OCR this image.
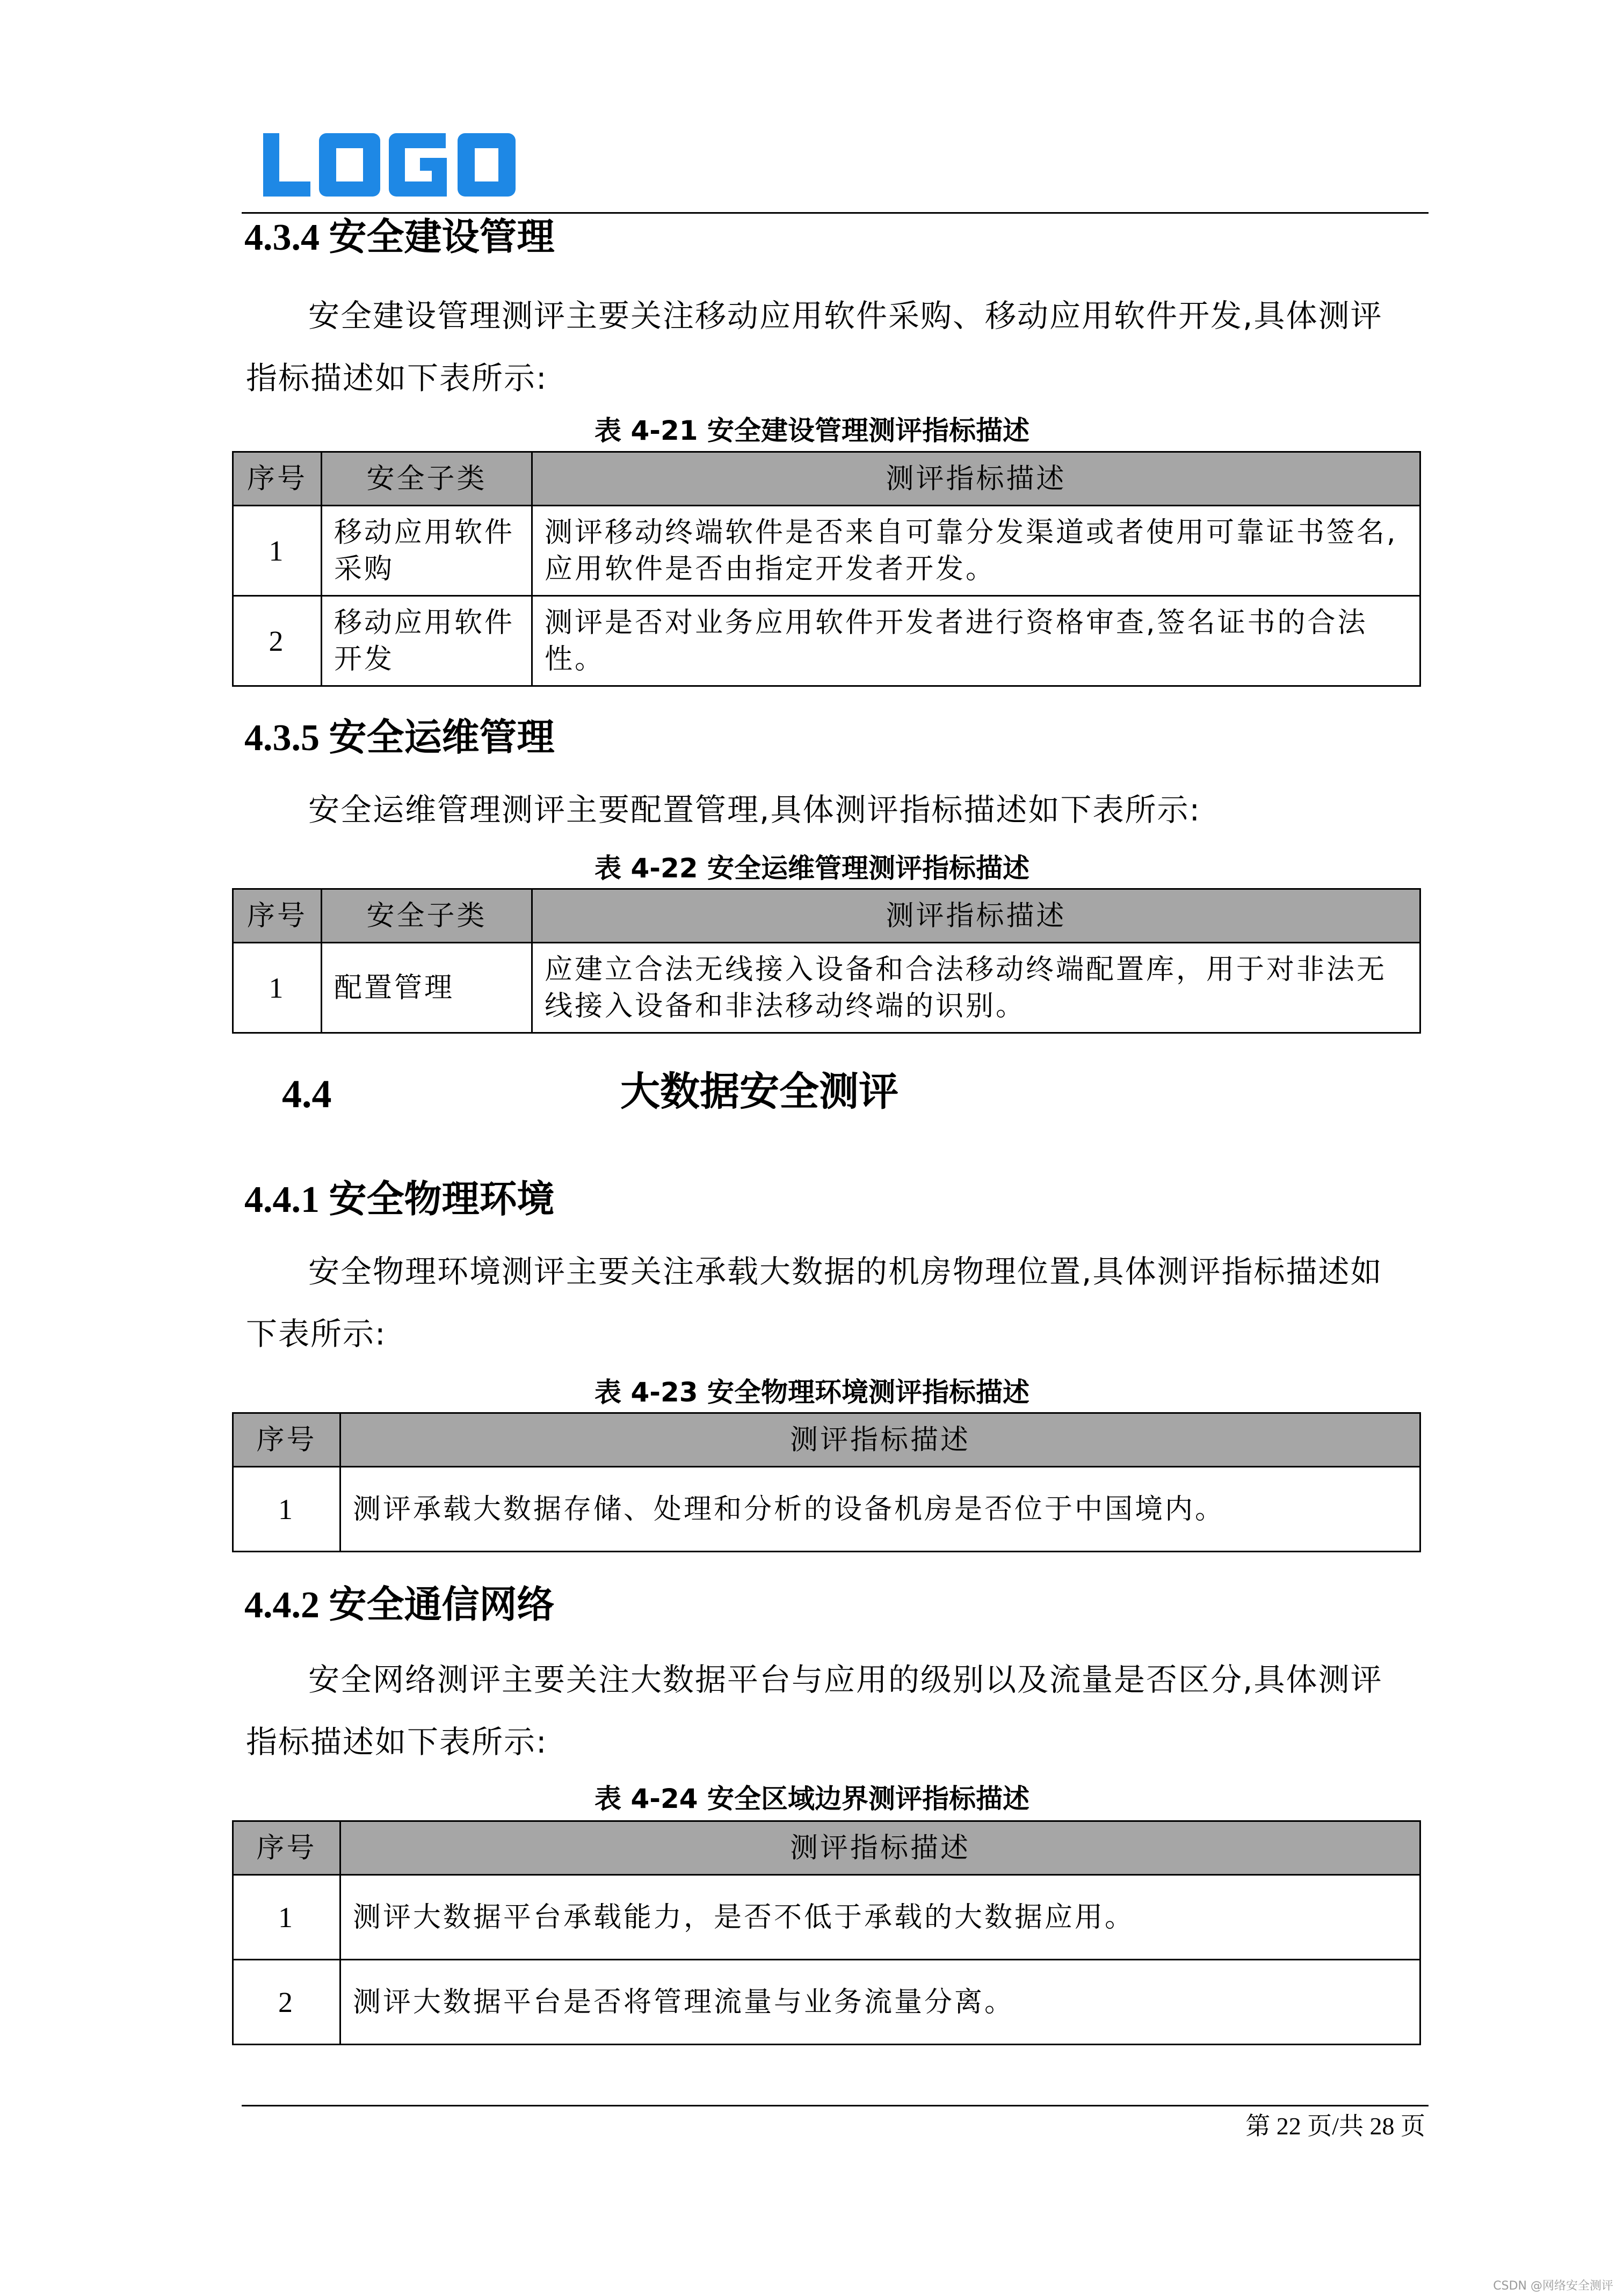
4.3.4 安全建设管理
安全建设管理测评主要关注移动应用软件采购、移动应用软件开发,具体测评指标描述如下表所示:
表 4-21 安全建设管理测评指标描述
序号	安全子类	测评指标描述
1	移动应用软件采购	测评移动终端软件是否来自可靠分发渠道或者使用可靠证书签名,应用软件是否由指定开发者开发。
2	移动应用软件开发	测评是否对业务应用软件开发者进行资格审查,签名证书的合法性。
4.3.5 安全运维管理
安全运维管理测评主要配置管理,具体测评指标描述如下表所示:
表 4-22 安全运维管理测评指标描述
序号	安全子类	测评指标描述
1	配置管理	应建立合法无线接入设备和合法移动终端配置库，用于对非法无线接入设备和非法移动终端的识别。
4.4	大数据安全测评
4.4.1 安全物理环境
安全物理环境测评主要关注承载大数据的机房物理位置,具体测评指标描述如下表所示:
表 4-23 安全物理环境测评指标描述
序号	测评指标描述
1	测评承载大数据存储、处理和分析的设备机房是否位于中国境内。
4.4.2 安全通信网络
安全网络测评主要关注大数据平台与应用的级别以及流量是否区分,具体测评指标描述如下表所示:
表 4-24 安全区域边界测评指标描述
序号	测评指标描述
1	测评大数据平台承载能力，是否不低于承载的大数据应用。
2	测评大数据平台是否将管理流量与业务流量分离。
第 22 页/共 28 页
CSDN @网络安全测评
